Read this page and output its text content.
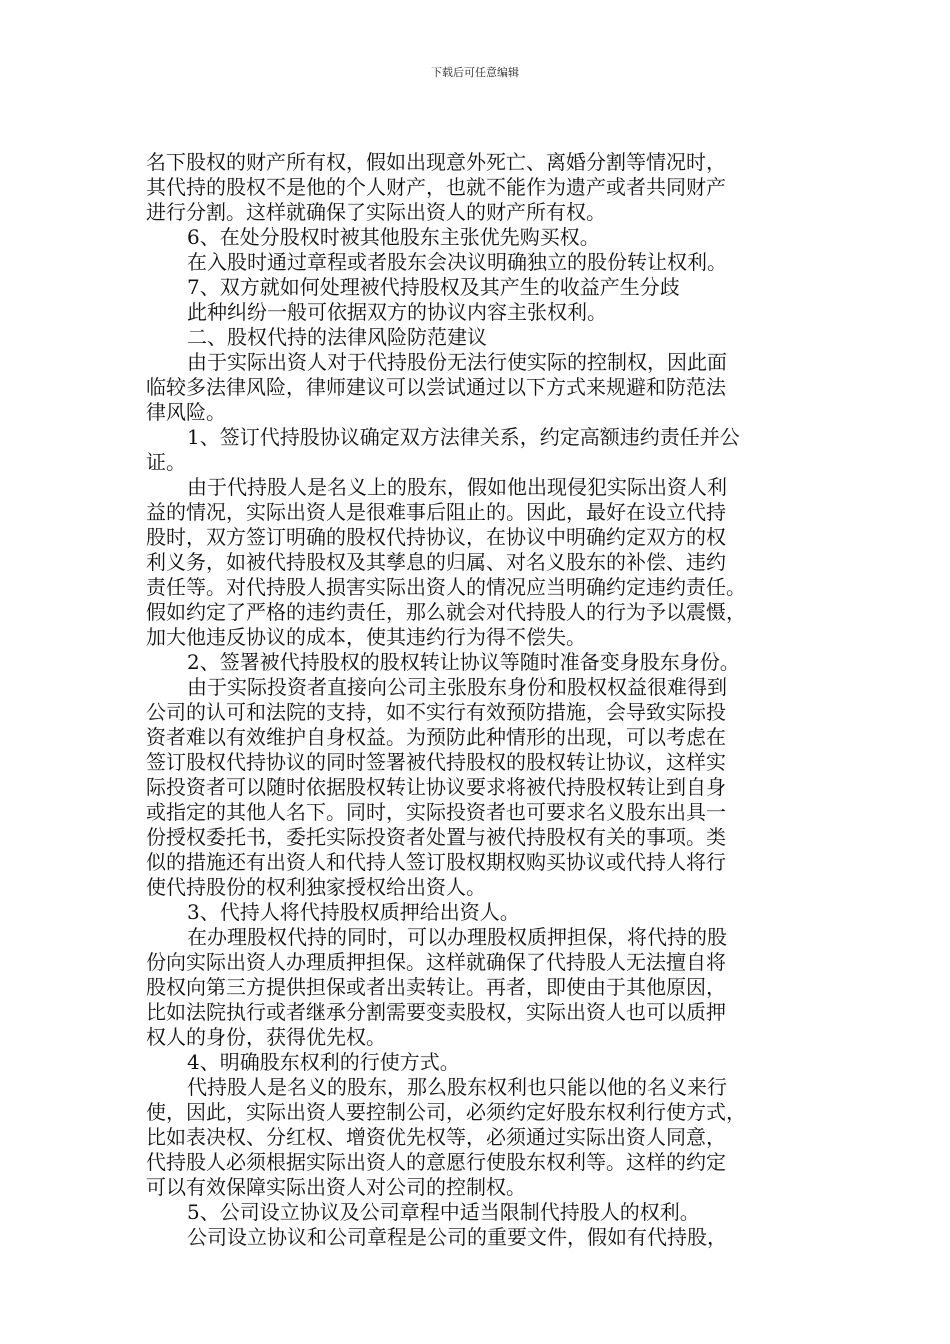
下载后可任意编辑
名下股权的财产所有权，假如出现意外死亡、离婚分割等情况时，
其代持的股权不是他的个人财产，也就不能作为遗产或者共同财产
进行分割。这样就确保了实际出资人的财产所有权。
6、在处分股权时被其他股东主张优先购买权。
在入股时通过章程或者股东会决议明确独立的股份转让权利。
7、双方就如何处理被代持股权及其产生的收益产生分歧
此种纠纷一般可依据双方的协议内容主张权利。
二、股权代持的法律风险防范建议
由于实际出资人对于代持股份无法行使实际的控制权，因此面
临较多法律风险，律师建议可以尝试通过以下方式来规避和防范法
律风险。
1、签订代持股协议确定双方法律关系，约定高额违约责任并公
证。
由于代持股人是名义上的股东，假如他出现侵犯实际出资人利
益的情况，实际出资人是很难事后阻止的。因此，最好在设立代持
股时，双方签订明确的股权代持协议，在协议中明确约定双方的权
利义务，如被代持股权及其孳息的归属、对名义股东的补偿、违约
责任等。对代持股人损害实际出资人的情况应当明确约定违约责任。
假如约定了严格的违约责任，那么就会对代持股人的行为予以震慑，
加大他违反协议的成本，使其违约行为得不偿失。
2、签署被代持股权的股权转让协议等随时准备变身股东身份。
由于实际投资者直接向公司主张股东身份和股权权益很难得到
公司的认可和法院的支持，如不实行有效预防措施，会导致实际投
资者难以有效维护自身权益。为预防此种情形的出现，可以考虑在
签订股权代持协议的同时签署被代持股权的股权转让协议，这样实
际投资者可以随时依据股权转让协议要求将被代持股权转让到自身
或指定的其他人名下。同时，实际投资者也可要求名义股东出具一
份授权委托书，委托实际投资者处置与被代持股权有关的事项。类
似的措施还有出资人和代持人签订股权期权购买协议或代持人将行
使代持股份的权利独家授权给出资人。
3、代持人将代持股权质押给出资人。
在办理股权代持的同时，可以办理股权质押担保，将代持的股
份向实际出资人办理质押担保。这样就确保了代持股人无法擅自将
股权向第三方提供担保或者出卖转让。再者，即使由于其他原因，
比如法院执行或者继承分割需要变卖股权，实际出资人也可以质押
权人的身份，获得优先权。
4、明确股东权利的行使方式。
代持股人是名义的股东，那么股东权利也只能以他的名义来行
使，因此，实际出资人要控制公司，必须约定好股东权利行使方式，
比如表决权、分红权、增资优先权等，必须通过实际出资人同意，
代持股人必须根据实际出资人的意愿行使股东权利等。这样的约定
可以有效保障实际出资人对公司的控制权。
5、公司设立协议及公司章程中适当限制代持股人的权利。
公司设立协议和公司章程是公司的重要文件，假如有代持股，
